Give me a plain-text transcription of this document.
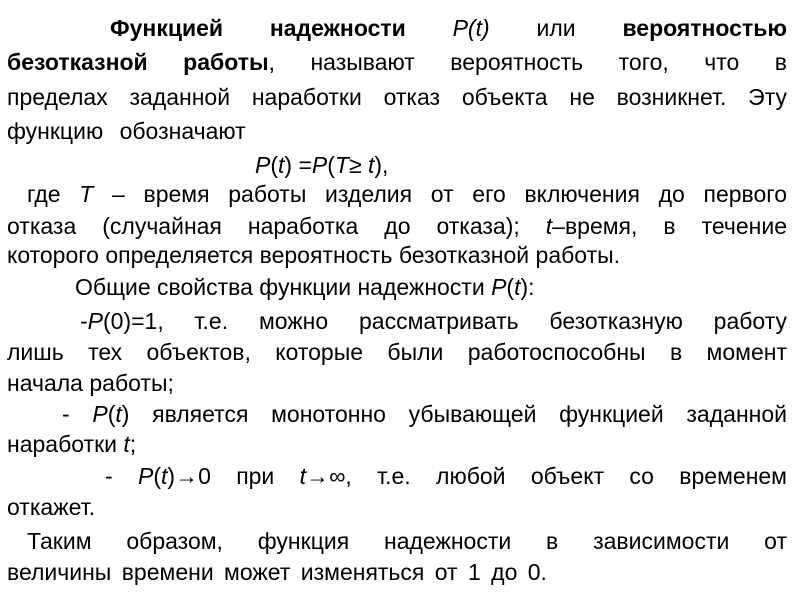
Функцией надежности P(t) или вероятностью
безотказной работы, называют вероятность того, что в
пределах заданной наработки отказ объекта не возникнет. Эту
функцию обозначают
P(t) =P(T≥ t),
где T – время работы изделия от его включения до первого
отказа (случайная наработка до отказа); t–время, в течение
которого определяется вероятность безотказной работы.
Общие свойства функции надежности P(t):
-P(0)=1, т.е. можно рассматривать безотказную работу
лишь тех объектов, которые были работоспособны в момент
начала работы;
- P(t) является монотонно убывающей функцией заданной
наработки t;
- P(t)→0 при t→∞, т.е. любой объект со временем
откажет.
Таким образом, функция надежности в зависимости от
величины времени может изменяться от 1 до 0.
